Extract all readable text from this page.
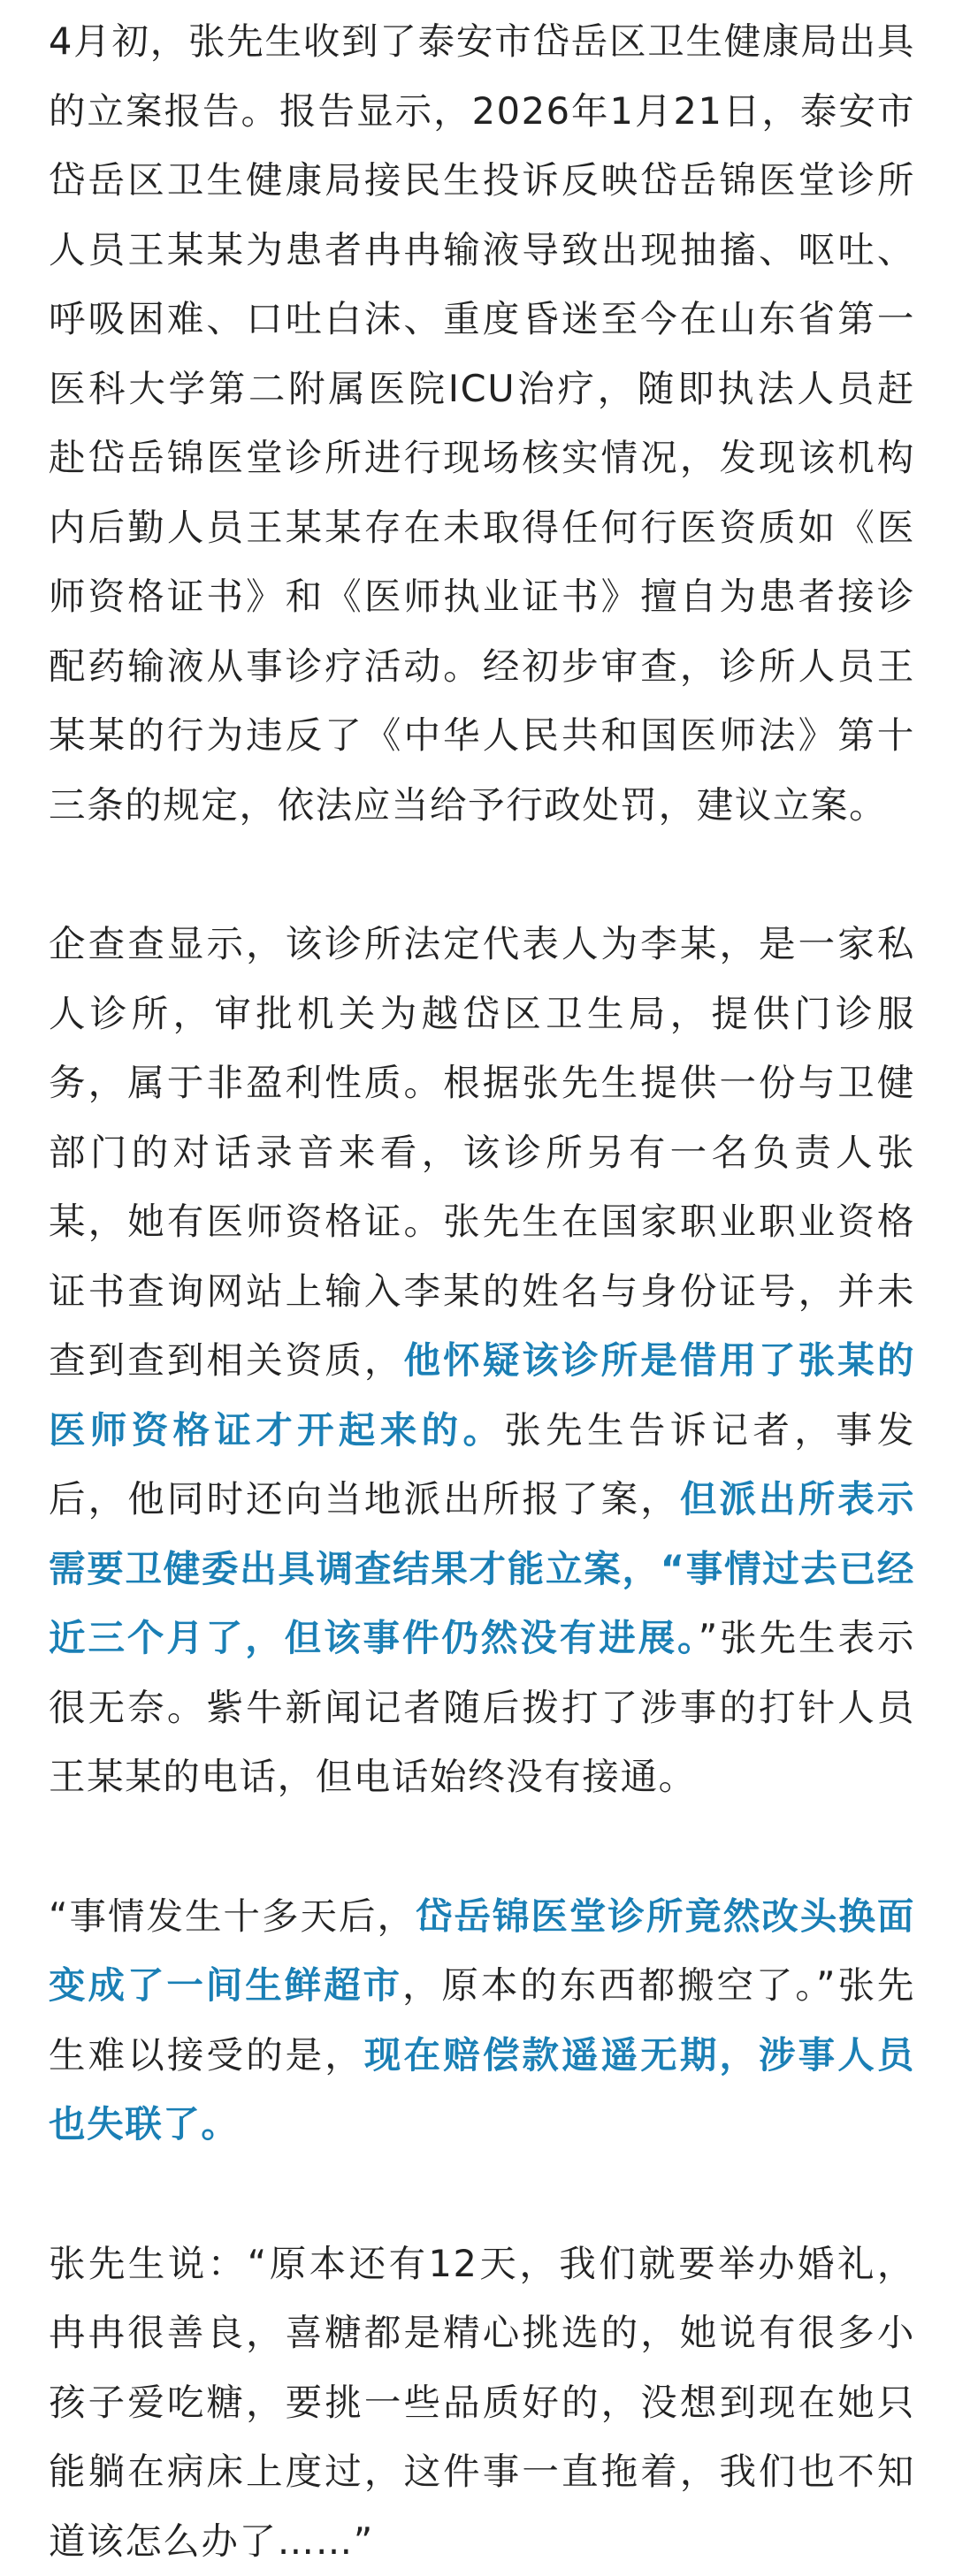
4月初，张先生收到了泰安市岱岳区卫生健康局出具的立案报告。报告显示，2026年1月21日，泰安市岱岳区卫生健康局接民生投诉反映岱岳锦医堂诊所人员王某某为患者冉冉输液导致出现抽搐、呕吐、呼吸困难、口吐白沫、重度昏迷至今在山东省第一医科大学第二附属医院ICU治疗，随即执法人员赶赴岱岳锦医堂诊所进行现场核实情况，发现该机构内后勤人员王某某存在未取得任何行医资质如《医师资格证书》和《医师执业证书》擅自为患者接诊配药输液从事诊疗活动。经初步审查，诊所人员王某某的行为违反了《中华人民共和国医师法》第十三条的规定，依法应当给予行政处罚，建议立案。

企查查显示，该诊所法定代表人为李某，是一家私人诊所，审批机关为越岱区卫生局，提供门诊服务，属于非盈利性质。根据张先生提供一份与卫健部门的对话录音来看，该诊所另有一名负责人张某，她有医师资格证。张先生在国家职业职业资格证书查询网站上输入李某的姓名与身份证号，并未查到查到相关资质，他怀疑该诊所是借用了张某的医师资格证才开起来的。张先生告诉记者，事发后，他同时还向当地派出所报了案，但派出所表示需要卫健委出具调查结果才能立案，“事情过去已经近三个月了，但该事件仍然没有进展。”张先生表示很无奈。紫牛新闻记者随后拨打了涉事的打针人员王某某的电话，但电话始终没有接通。

“事情发生十多天后，岱岳锦医堂诊所竟然改头换面变成了一间生鲜超市，原本的东西都搬空了。”张先生难以接受的是，现在赔偿款遥遥无期，涉事人员也失联了。

张先生说：“原本还有12天，我们就要举办婚礼，冉冉很善良，喜糖都是精心挑选的，她说有很多小孩子爱吃糖，要挑一些品质好的，没想到现在她只能躺在病床上度过，这件事一直拖着，我们也不知道该怎么办了……”
